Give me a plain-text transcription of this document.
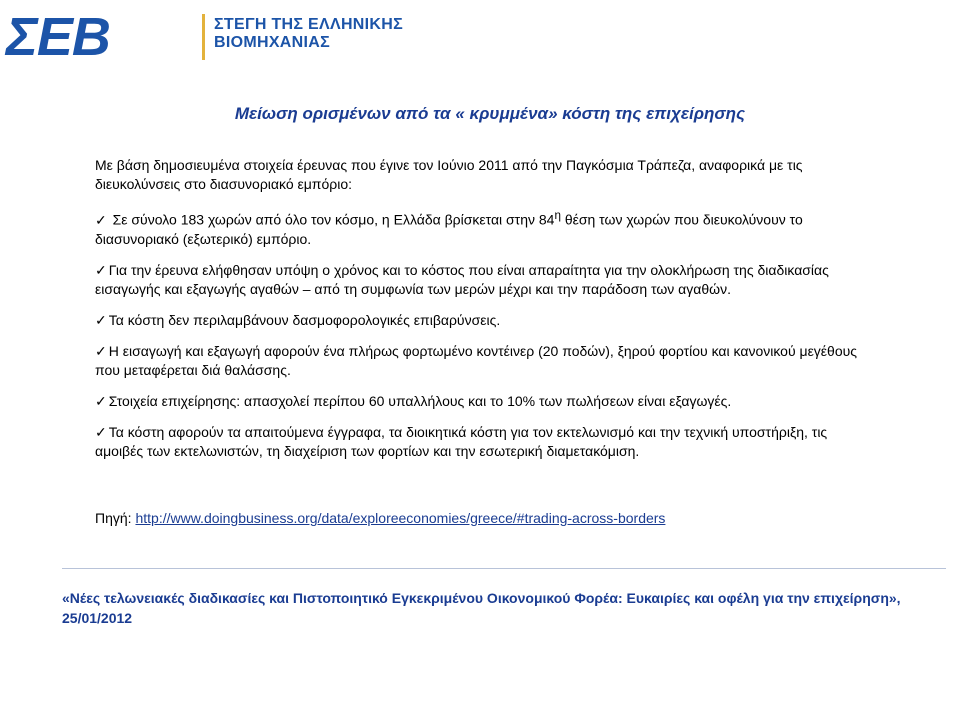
ΣΕΒ	ΣΤΕΓΗ ΤΗΣ ΕΛΛΗΝΙΚΗΣ
ΒΙΟΜΗΧΑΝΙΑΣ
Μείωση ορισμένων από τα « κρυμμένα» κόστη της επιχείρησης

Με βάση δημοσιευμένα στοιχεία έρευνας που έγινε τον Ιούνιο 2011 από την Παγκόσμια Τράπεζα, αναφορικά με τις διευκολύνσεις στο διασυνοριακό εμπόριο:

✓ Σε σύνολο 183 χωρών από όλο τον κόσμο, η Ελλάδα βρίσκεται στην $84^\eta$ θέση των χωρών που διευκολύνουν το διασυνοριακό (εξωτερικό) εμπόριο.

✓ Για την έρευνα ελήφθησαν υπόψη ο χρόνος και το κόστος που είναι απαραίτητα για την ολοκλήρωση της διαδικασίας εισαγωγής και εξαγωγής αγαθών – από τη συμφωνία των μερών μέχρι και την παράδοση των αγαθών.

✓ Τα κόστη δεν περιλαμβάνουν δασμοφορολογικές επιβαρύνσεις.

✓ Η εισαγωγή και εξαγωγή αφορούν ένα πλήρως φορτωμένο κοντέινερ (20 ποδών), ξηρού φορτίου και κανονικού μεγέθους που μεταφέρεται διά θαλάσσης.

✓ Στοιχεία επιχείρησης: απασχολεί περίπου 60 υπαλλήλους και το 10% των πωλήσεων είναι εξαγωγές.

✓ Τα κόστη αφορούν τα απαιτούμενα έγγραφα, τα διοικητικά κόστη για τον εκτελωνισμό και την τεχνική υποστήριξη, τις αμοιβές των εκτελωνιστών, τη διαχείριση των φορτίων και την εσωτερική διαμετακόμιση.

Πηγή: http://www.doingbusiness.org/data/exploreeconomies/greece/#trading-across-borders
«Νέες τελωνειακές διαδικασίες και Πιστοποιητικό Εγκεκριμένου Οικονομικού Φορέα: Ευκαιρίες και οφέλη για την επιχείρηση», 25/01/2012
